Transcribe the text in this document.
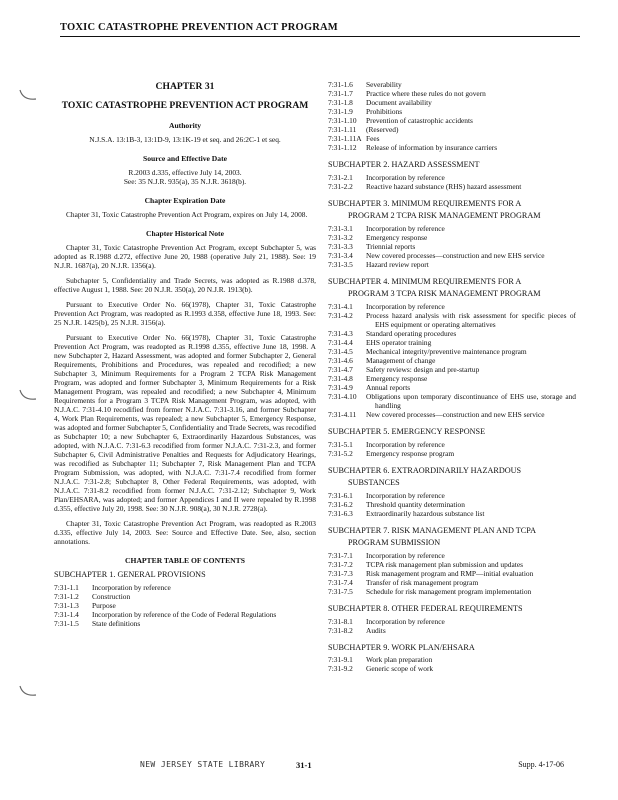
TOXIC CATASTROPHE PREVENTION ACT PROGRAM
CHAPTER 31
TOXIC CATASTROPHE PREVENTION ACT PROGRAM
Authority
N.J.S.A. 13:1B-3, 13:1D-9, 13:1K-19 et seq. and 26:2C-1 et seq.
Source and Effective Date
R.2003 d.335, effective July 14, 2003.
See: 35 N.J.R. 935(a), 35 N.J.R. 3618(b).
Chapter Expiration Date
Chapter 31, Toxic Catastrophe Prevention Act Program, expires on July 14, 2008.
Chapter Historical Note
Chapter 31, Toxic Catastrophe Prevention Act Program, except Subchapter 5, was adopted as R.1988 d.272, effective June 20, 1988 (operative July 21, 1988). See: 19 N.J.R. 1687(a), 20 N.J.R. 1356(a).
Subchapter 5, Confidentiality and Trade Secrets, was adopted as R.1988 d.378, effective August 1, 1988. See: 20 N.J.R. 350(a), 20 N.J.R. 1913(b).
Pursuant to Executive Order No. 66(1978), Chapter 31, Toxic Catastrophe Prevention Act Program, was readopted as R.1993 d.358, effective June 18, 1993. See: 25 N.J.R. 1425(b), 25 N.J.R. 3156(a).
Pursuant to Executive Order No. 66(1978), Chapter 31, Toxic Catastrophe Prevention Act Program, was readopted as R.1998 d.355, effective June 18, 1998. A new Subchapter 2, Hazard Assessment, was adopted and former Subchapter 2, General Requirements, Prohibitions and Procedures, was repealed and recodified; a new Subchapter 3, Minimum Requirements for a Program 2 TCPA Risk Management Program, was adopted and former Subchapter 3, Minimum Requirements for a Risk Management Program, was repealed and recodified; a new Subchapter 4, Minimum Requirements for a Program 3 TCPA Risk Management Program, was adopted, with N.J.A.C. 7:31-4.10 recodified from former N.J.A.C. 7:31-3.16, and former Subchapter 4, Work Plan Requirements, was repealed; a new Subchapter 5, Emergency Response, was adopted and former Subchapter 5, Confidentiality and Trade Secrets, was recodified as Subchapter 10; a new Subchapter 6, Extraordinarily Hazardous Substances, was adopted, with N.J.A.C. 7:31-6.3 recodified from former N.J.A.C. 7:31-2.3, and former Subchapter 6, Civil Administrative Penalties and Requests for Adjudicatory Hearings, was recodified as Subchapter 11; Subchapter 7, Risk Management Plan and TCPA Program Submission, was adopted, with N.J.A.C. 7:31-7.4 recodified from former N.J.A.C. 7:31-2.8; Subchapter 8, Other Federal Requirements, was adopted, with N.J.A.C. 7:31-8.2 recodified from former N.J.A.C. 7:31-2.12; Subchapter 9, Work Plan/EHSARA, was adopted; and former Appendices I and II were repealed by R.1998 d.355, effective July 20, 1998. See: 30 N.J.R. 908(a), 30 N.J.R. 2728(a).
Chapter 31, Toxic Catastrophe Prevention Act Program, was readopted as R.2003 d.335, effective July 14, 2003. See: Source and Effective Date. See, also, section annotations.
CHAPTER TABLE OF CONTENTS
SUBCHAPTER 1. GENERAL PROVISIONS
7:31-1.1	Incorporation by reference
7:31-1.2	Construction
7:31-1.3	Purpose
7:31-1.4	Incorporation by reference of the Code of Federal Regulations
7:31-1.5	State definitions
7:31-1.6	Severability
7:31-1.7	Practice where these rules do not govern
7:31-1.8	Document availability
7:31-1.9	Prohibitions
7:31-1.10	Prevention of catastrophic accidents
7:31-1.11	(Reserved)
7:31-1.11A Fees
7:31-1.12	Release of information by insurance carriers
SUBCHAPTER 2. HAZARD ASSESSMENT
7:31-2.1	Incorporation by reference
7:31-2.2	Reactive hazard substance (RHS) hazard assessment
SUBCHAPTER 3. MINIMUM REQUIREMENTS FOR A
PROGRAM 2 TCPA RISK MANAGEMENT PROGRAM
7:31-3.1	Incorporation by reference
7:31-3.2	Emergency response
7:31-3.3	Triennial reports
7:31-3.4	New covered processes—construction and new EHS service
7:31-3.5	Hazard review report
SUBCHAPTER 4. MINIMUM REQUIREMENTS FOR A
PROGRAM 3 TCPA RISK MANAGEMENT PROGRAM
7:31-4.1	Incorporation by reference
7:31-4.2	Process hazard analysis with risk assessment for specific pieces of EHS equipment or operating alternatives
7:31-4.3	Standard operating procedures
7:31-4.4	EHS operator training
7:31-4.5	Mechanical integrity/preventive maintenance program
7:31-4.6	Management of change
7:31-4.7	Safety reviews: design and pre-startup
7:31-4.8	Emergency response
7:31-4.9	Annual reports
7:31-4.10	Obligations upon temporary discontinuance of EHS use, storage and handling
7:31-4.11	New covered processes—construction and new EHS service
SUBCHAPTER 5. EMERGENCY RESPONSE
7:31-5.1	Incorporation by reference
7:31-5.2	Emergency response program
SUBCHAPTER 6. EXTRAORDINARILY HAZARDOUS
SUBSTANCES
7:31-6.1	Incorporation by reference
7:31-6.2	Threshold quantity determination
7:31-6.3	Extraordinarily hazardous substance list
SUBCHAPTER 7. RISK MANAGEMENT PLAN AND TCPA
PROGRAM SUBMISSION
7:31-7.1	Incorporation by reference
7:31-7.2	TCPA risk management plan submission and updates
7:31-7.3	Risk management program and RMP—initial evaluation
7:31-7.4	Transfer of risk management program
7:31-7.5	Schedule for risk management program implementation
SUBCHAPTER 8. OTHER FEDERAL REQUIREMENTS
7:31-8.1	Incorporation by reference
7:31-8.2	Audits
SUBCHAPTER 9. WORK PLAN/EHSARA
7:31-9.1	Work plan preparation
7:31-9.2	Generic scope of work
NEW JERSEY STATE LIBRARY	31-1	Supp. 4-17-06
